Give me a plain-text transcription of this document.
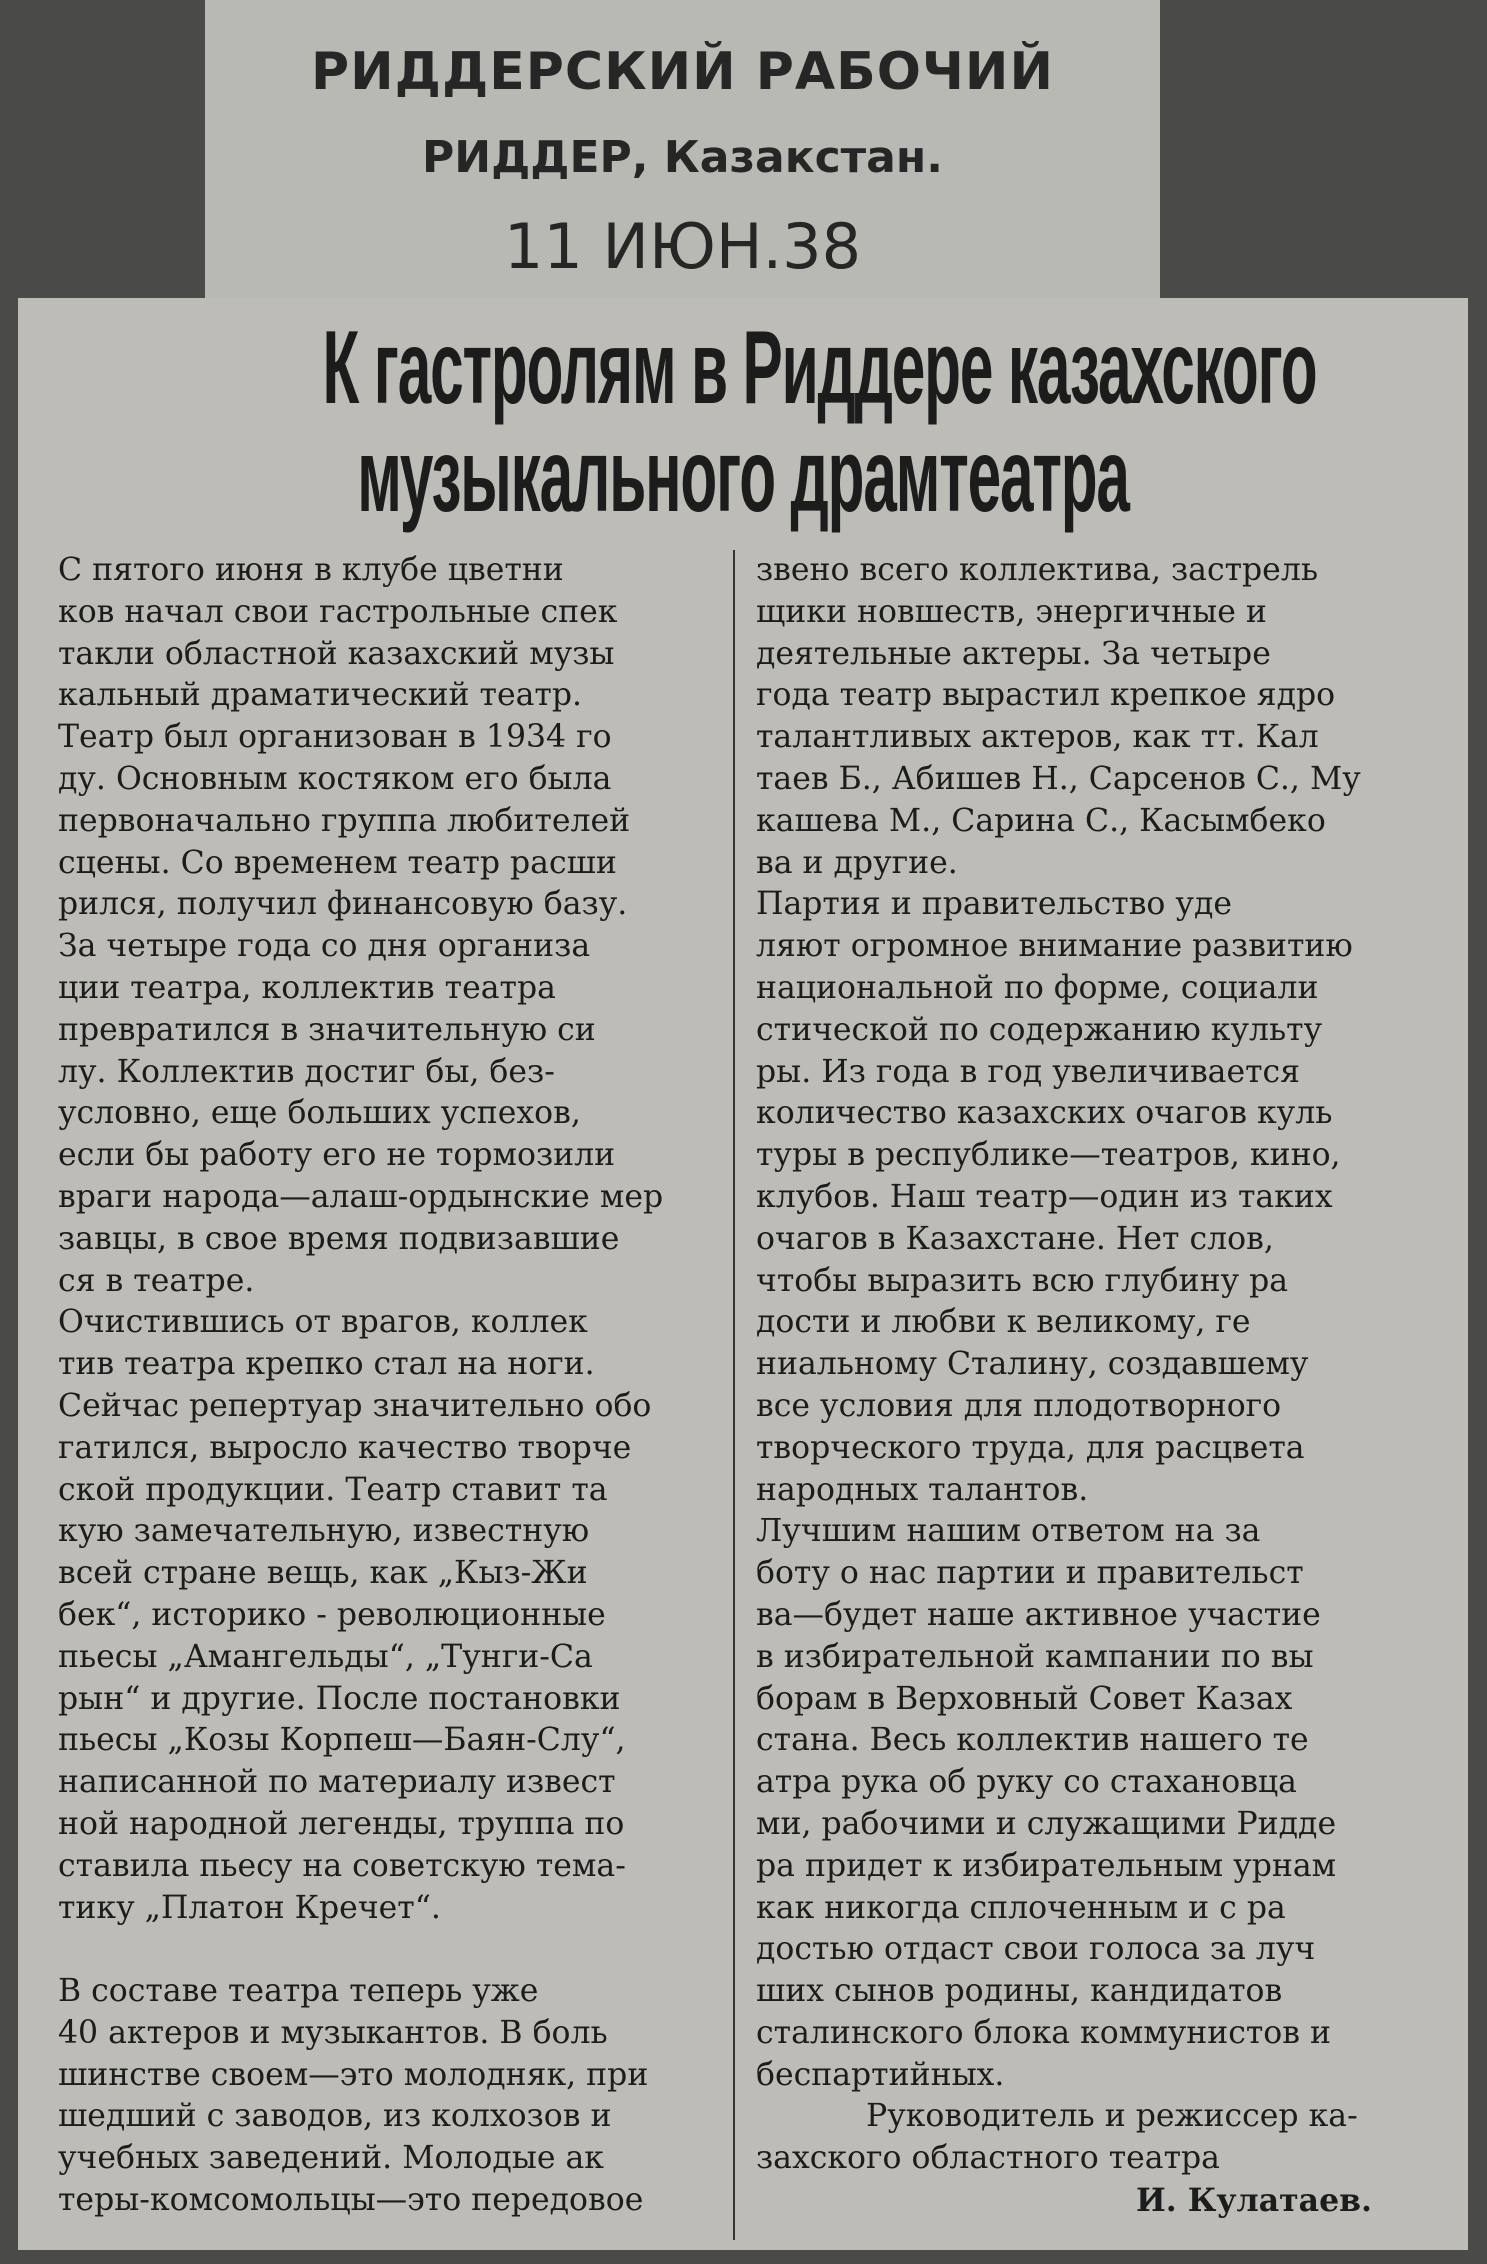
РИДДЕРСКИЙ РАБОЧИЙ
РИДДЕР, Казакстан.
11 ИЮН.38
К гастролям в Риддере казахского
музыкального драмтеатра
С пятого июня в клубе цветни
ков начал свои гастрольные спек
такли областной казахский музы
кальный драматический театр.
Театр был организован в 1934 го
ду. Основным костяком его была
первоначально группа любителей
сцены. Со временем театр расши
рился, получил финансовую базу.
За четыре года со дня организа
ции театра, коллектив театра
превратился в значительную си
лу. Коллектив достиг бы, без-
условно, еще больших успехов,
если бы работу его не тормозили
враги народа—алаш-ордынские мер
завцы, в свое время подвизавшие
ся в театре.
Очистившись от врагов, коллек
тив театра крепко стал на ноги.
Сейчас репертуар значительно обо
гатился, выросло качество творче
ской продукции. Театр ставит та
кую замечательную, известную
всей стране вещь, как „Кыз-Жи
бек“, историко - революционные
пьесы „Амангельды“, „Тунги-Са
рын“ и другие. После постановки
пьесы „Козы Корпеш—Баян-Слу“,
написанной по материалу извест
ной народной легенды, труппа по
ставила пьесу на советскую тема-
тику „Платон Кречет“.
В составе театра теперь уже
40 актеров и музыкантов. В боль
шинстве своем—это молодняк, при
шедший с заводов, из колхозов и
учебных заведений. Молодые ак
теры-комсомольцы—это передовое
звено всего коллектива, застрель
щики новшеств, энергичные и
деятельные актеры. За четыре
года театр вырастил крепкое ядро
талантливых актеров, как тт. Кал
таев Б., Абишев Н., Сарсенов С., Му
кашева М., Сарина С., Касымбеко
ва и другие.
Партия и правительство уде
ляют огромное внимание развитию
национальной по форме, социали
стической по содержанию культу
ры. Из года в год увеличивается
количество казахских очагов куль
туры в республике—театров, кино,
клубов. Наш театр—один из таких
очагов в Казахстане. Нет слов,
чтобы выразить всю глубину ра
дости и любви к великому, ге
ниальному Сталину, создавшему
все условия для плодотворного
творческого труда, для расцвета
народных талантов.
Лучшим нашим ответом на за
боту о нас партии и правительст
ва—будет наше активное участие
в избирательной кампании по вы
борам в Верховный Совет Казах
стана. Весь коллектив нашего те
атра рука об руку со стахановца
ми, рабочими и служащими Ридде
ра придет к избирательным урнам
как никогда сплоченным и с ра
достью отдаст свои голоса за луч
ших сынов родины, кандидатов
сталинского блока коммунистов и
беспартийных.
Руководитель и режиссер ка-
захского областного театра
И. Кулатаев.
